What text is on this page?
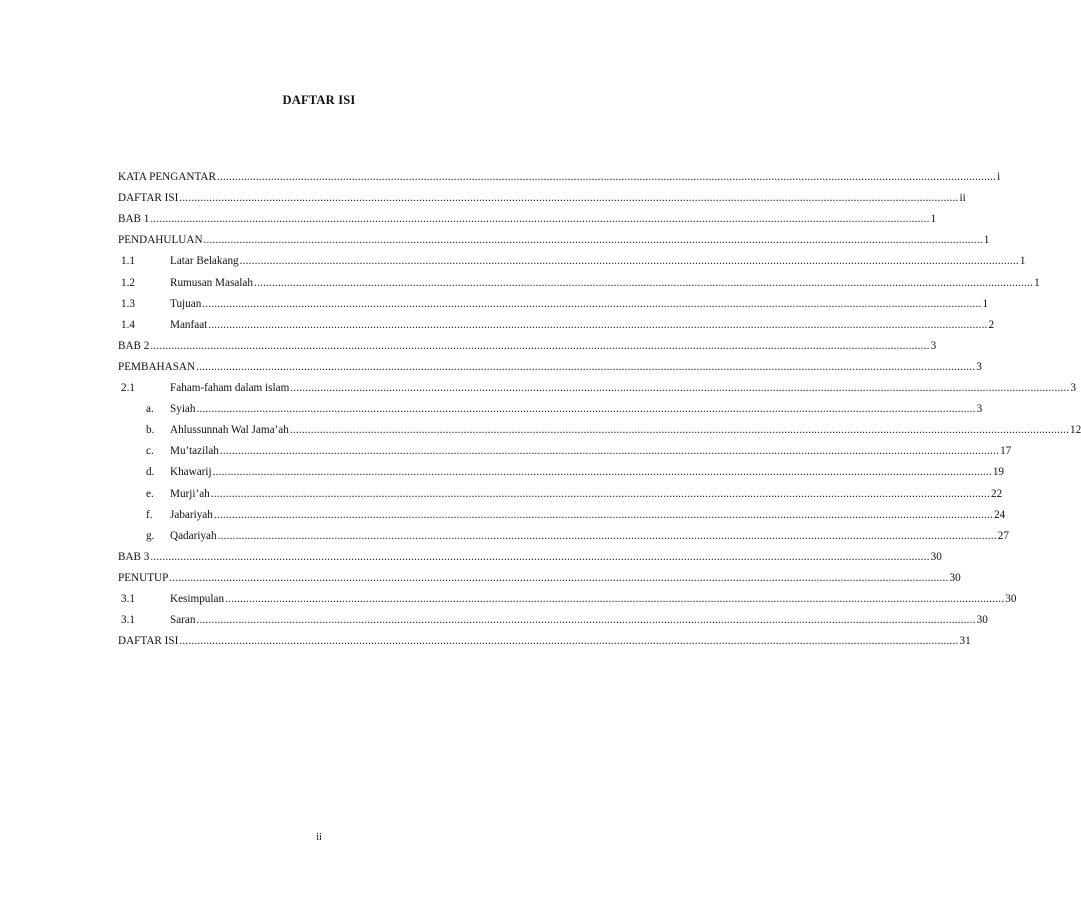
DAFTAR ISI
KATA PENGANTAR .................................................................................................................................................................................................................................................................... i
DAFTAR ISI .................................................................................................................................................................................................................................................................... ii
BAB 1 .................................................................................................................................................................................................................................................................... 1
PENDAHULUAN .................................................................................................................................................................................................................................................................... 1
1.1	Latar Belakang .................................................................................................................................................................................................................................................................... 1
1.2	Rumusan Masalah .................................................................................................................................................................................................................................................................... 1
1.3	Tujuan .................................................................................................................................................................................................................................................................... 1
1.4	Manfaat .................................................................................................................................................................................................................................................................... 2
BAB 2 .................................................................................................................................................................................................................................................................... 3
PEMBAHASAN .................................................................................................................................................................................................................................................................... 3
2.1	Faham-faham dalam islam .................................................................................................................................................................................................................................................................... 3
a.	Syiah .................................................................................................................................................................................................................................................................... 3
b.	Ahlussunnah Wal Jama’ah .................................................................................................................................................................................................................................................................... 12
c.	Mu’tazilah .................................................................................................................................................................................................................................................................... 17
d.	Khawarij .................................................................................................................................................................................................................................................................... 19
e.	Murji’ah .................................................................................................................................................................................................................................................................... 22
f.	Jabariyah .................................................................................................................................................................................................................................................................... 24
g.	Qadariyah .................................................................................................................................................................................................................................................................... 27
BAB 3 .................................................................................................................................................................................................................................................................... 30
PENUTUP .................................................................................................................................................................................................................................................................... 30
3.1	Kesimpulan .................................................................................................................................................................................................................................................................... 30
3.1	Saran .................................................................................................................................................................................................................................................................... 30
DAFTAR ISI .................................................................................................................................................................................................................................................................... 31
ii
